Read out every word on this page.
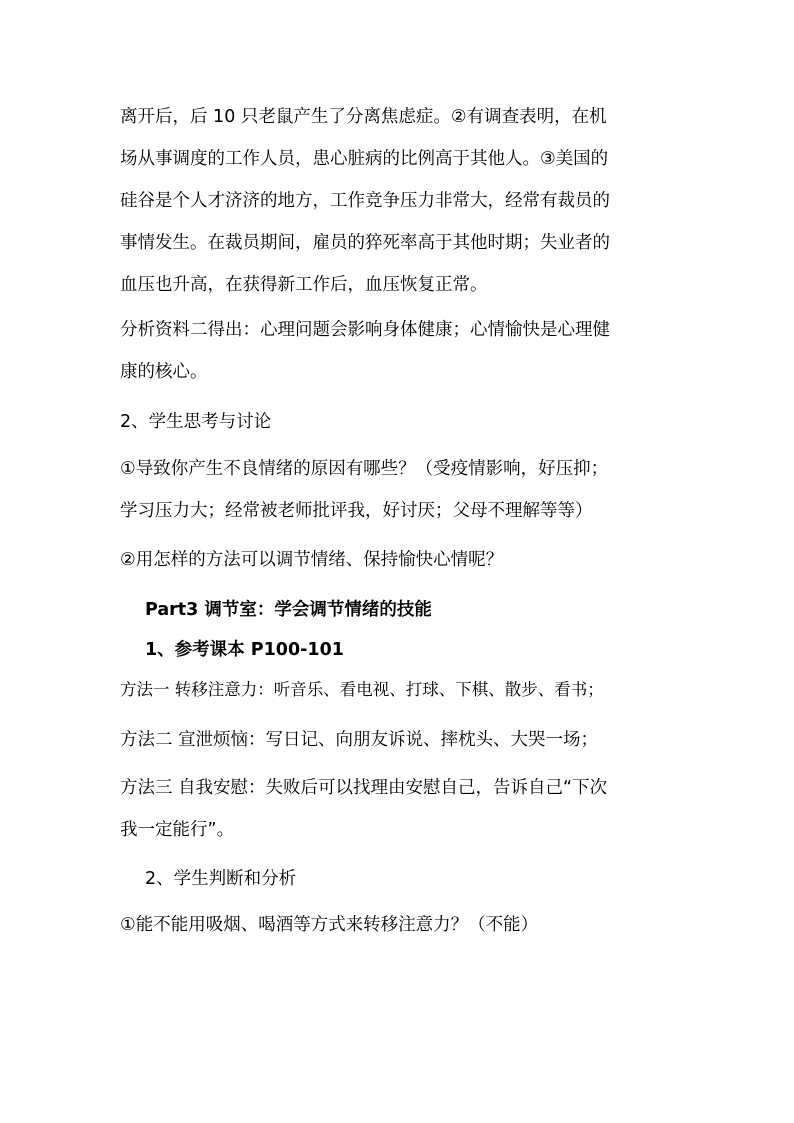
离开后，后 10 只老鼠产生了分离焦虑症。②有调查表明，在机
场从事调度的工作人员，患心脏病的比例高于其他人。③美国的
硅谷是个人才济济的地方，工作竞争压力非常大，经常有裁员的
事情发生。在裁员期间，雇员的猝死率高于其他时期；失业者的
血压也升高，在获得新工作后，血压恢复正常。
分析资料二得出：心理问题会影响身体健康；心情愉快是心理健
康的核心。
2、学生思考与讨论
①导致你产生不良情绪的原因有哪些？（受疫情影响，好压抑；
学习压力大；经常被老师批评我，好讨厌；父母不理解等等）
②用怎样的方法可以调节情绪、保持愉快心情呢？
Part3 调节室：学会调节情绪的技能
1、参考课本 P100-101
方法一 转移注意力：听音乐、看电视、打球、下棋、散步、看书；
方法二 宣泄烦恼：写日记、向朋友诉说、摔枕头、大哭一场；
方法三 自我安慰：失败后可以找理由安慰自己，告诉自己“下次
我一定能行”。
2、学生判断和分析
①能不能用吸烟、喝酒等方式来转移注意力？（不能）
